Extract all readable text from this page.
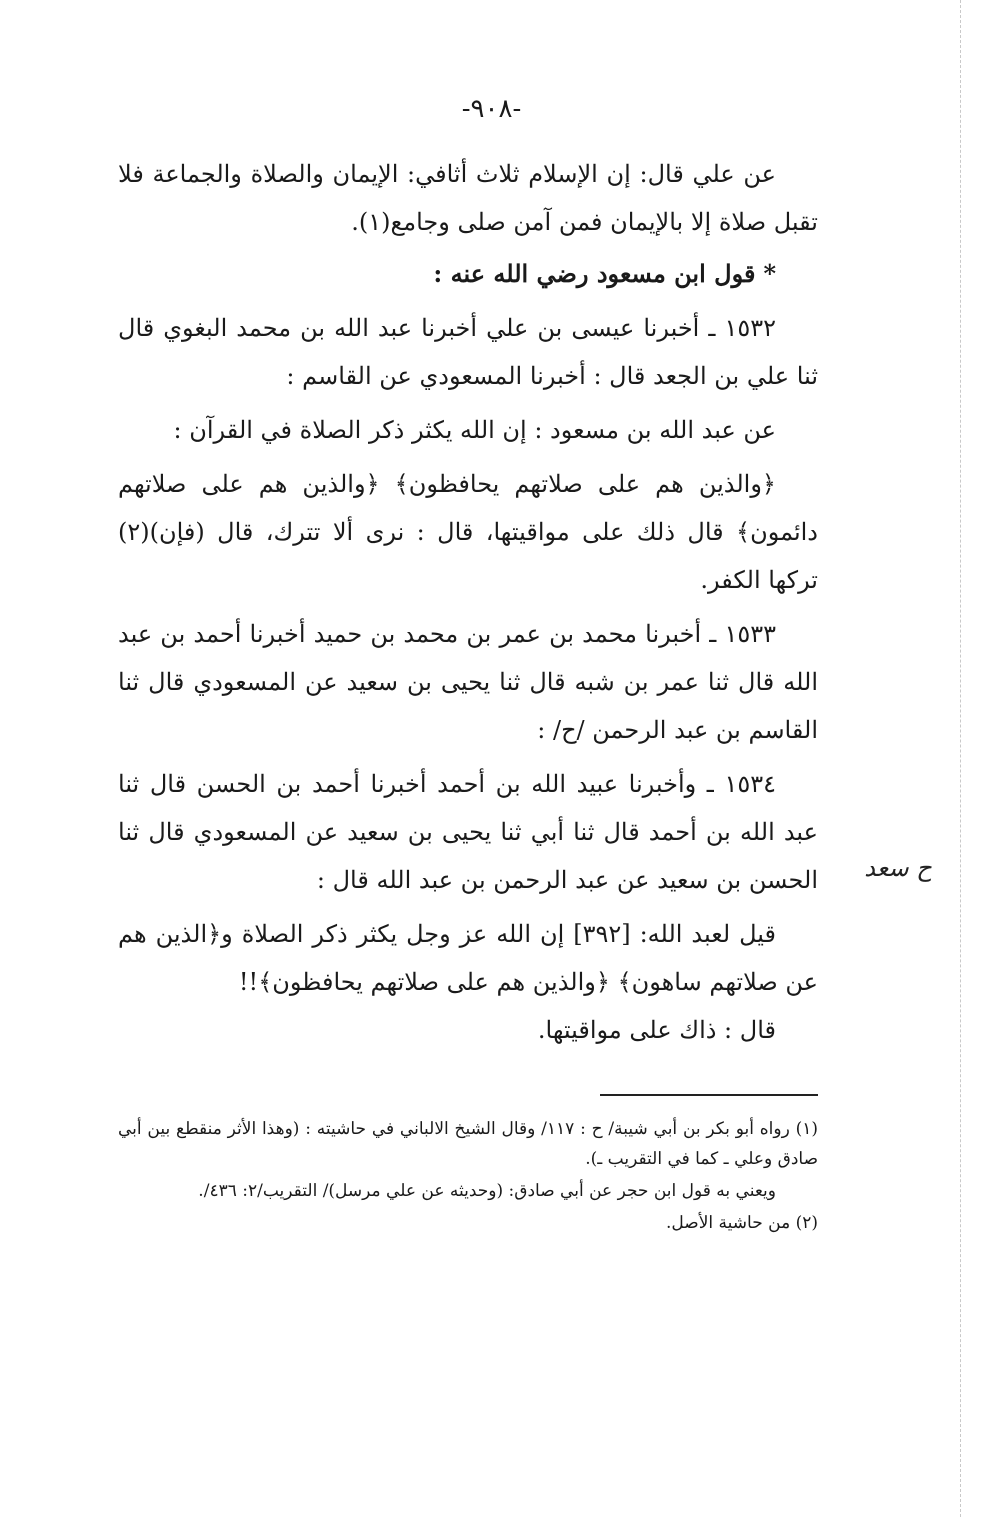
-٩٠٨-

عن علي قال: إن الإسلام ثلاث أثافي: الإيمان والصلاة والجماعة فلا تقبل صلاة إلا بالإيمان فمن آمن صلى وجامع(١).

*قول ابن مسعود رضي الله عنه :

١٥٣٢ ـ أخبرنا عيسى بن علي أخبرنا عبد الله بن محمد البغوي قال ثنا علي بن الجعد قال : أخبرنا المسعودي عن القاسم :

عن عبد الله بن مسعود : إن الله يكثر ذكر الصلاة في القرآن :

﴿والذين هم على صلاتهم يحافظون﴾ ﴿والذين هم على صلاتهم دائمون﴾ قال ذلك على مواقيتها، قال : نرى ألا تترك، قال (فإن)(٢) تركها الكفر.

١٥٣٣ ـ أخبرنا محمد بن عمر بن محمد بن حميد أخبرنا أحمد بن عبد الله قال ثنا عمر بن شبه قال ثنا يحيى بن سعيد عن المسعودي قال ثنا القاسم بن عبد الرحمن /ح/ :

١٥٣٤ ـ وأخبرنا عبيد الله بن أحمد أخبرنا أحمد بن الحسن قال ثنا عبد الله بن أحمد قال ثنا أبي ثنا يحيى بن سعيد عن المسعودي قال ثنا الحسن بن سعيد عن عبد الرحمن بن عبد الله قال :

قيل لعبد الله: [٣٩٢] إن الله عز وجل يكثر ذكر الصلاة و﴿الذين هم عن صلاتهم ساهون﴾ ﴿والذين هم على صلاتهم يحافظون﴾!!

قال : ذاك على مواقيتها.

ح سعد

(١) رواه أبو بكر بن أبي شيبة/ ح : ١١٧/ وقال الشيخ الالباني في حاشيته : (وهذا الأثر منقطع بين أبي صادق وعلي ـ كما في التقريب ـ).

ويعني به قول ابن حجر عن أبي صادق: (وحديثه عن علي مرسل)/ التقريب/٢: ٤٣٦/.

(٢) من حاشية الأصل.
